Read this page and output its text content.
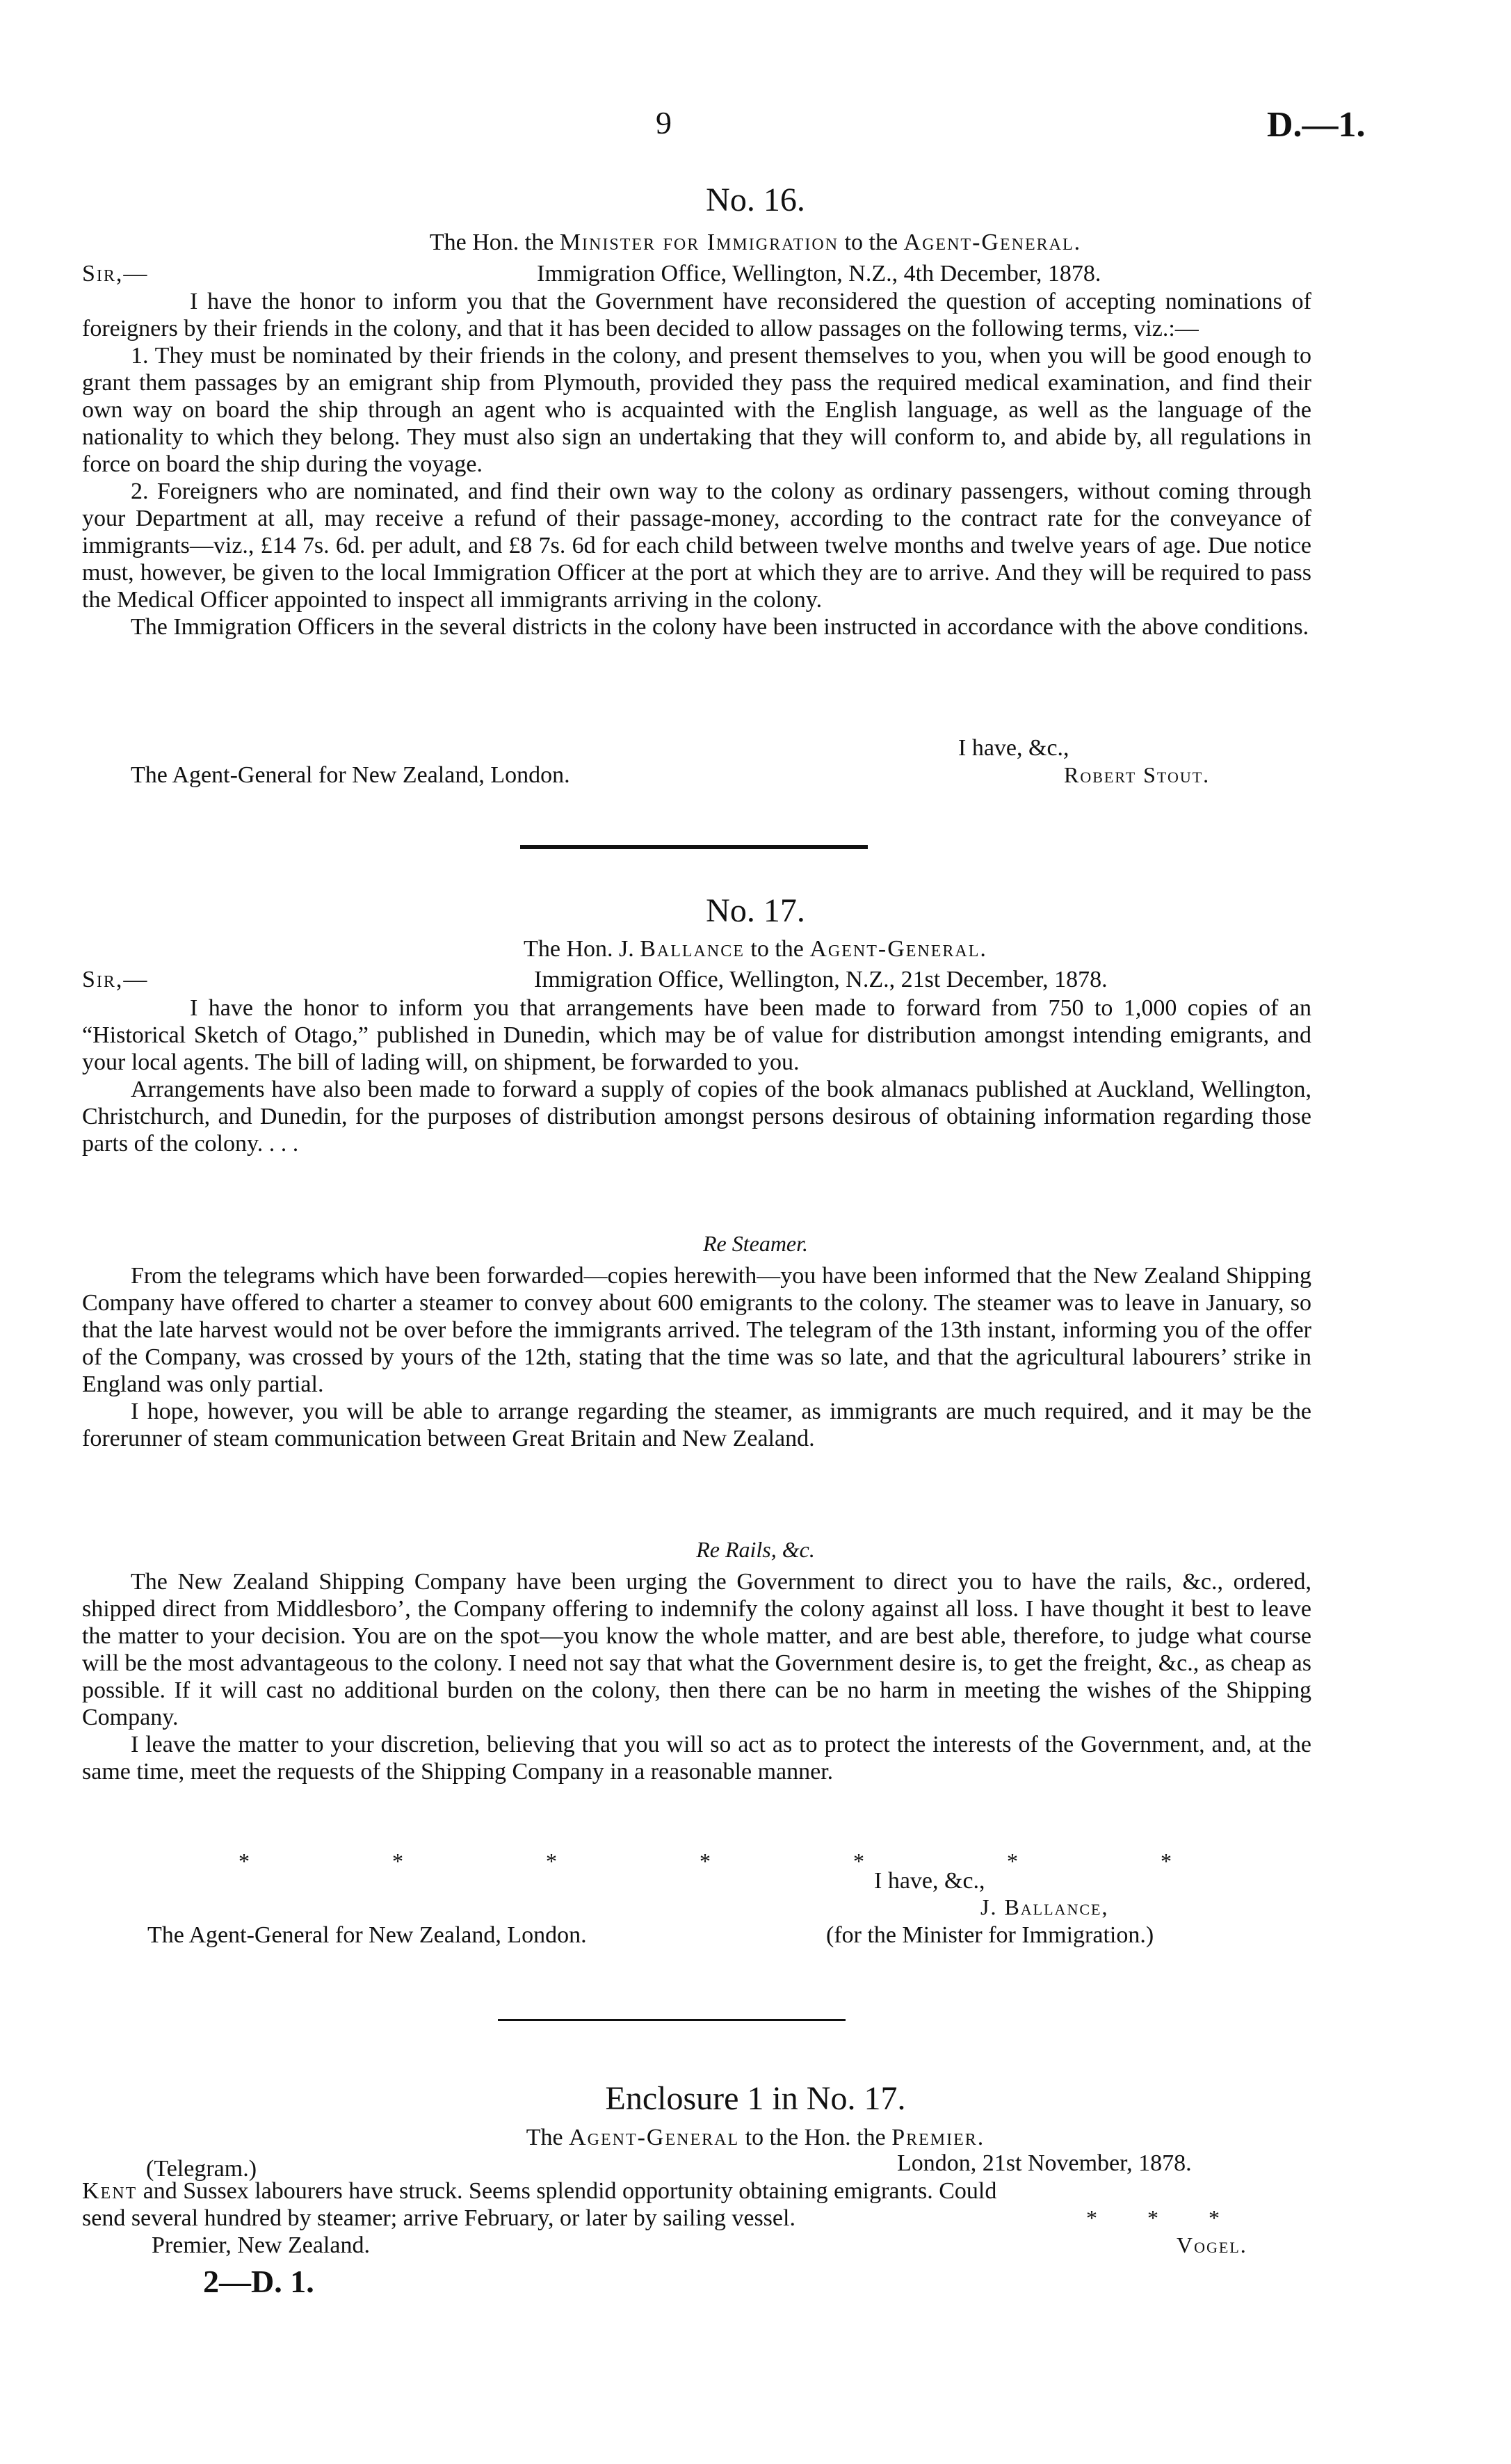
9	D.—1.
No. 16.
The Hon. the Minister for Immigration to the Agent-General.
Sir,—	Immigration Office, Wellington, N.Z., 4th December, 1878.

I have the honor to inform you that the Government have reconsidered the question of accepting nominations of foreigners by their friends in the colony, and that it has been decided to allow passages on the following terms, viz.:—

1. They must be nominated by their friends in the colony, and present themselves to you, when you will be good enough to grant them passages by an emigrant ship from Plymouth, provided they pass the required medical examination, and find their own way on board the ship through an agent who is acquainted with the English language, as well as the language of the nationality to which they belong. They must also sign an undertaking that they will conform to, and abide by, all regulations in force on board the ship during the voyage.

2. Foreigners who are nominated, and find their own way to the colony as ordinary passengers, without coming through your Department at all, may receive a refund of their passage-money, according to the contract rate for the conveyance of immigrants—viz., £14 7s. 6d. per adult, and £8 7s. 6d for each child between twelve months and twelve years of age. Due notice must, however, be given to the local Immigration Officer at the port at which they are to arrive. And they will be required to pass the Medical Officer appointed to inspect all immigrants arriving in the colony.

The Immigration Officers in the several districts in the colony have been instructed in accordance with the above conditions.

I have, &c.,
The Agent-General for New Zealand, London.	Robert Stout.
No. 17.
The Hon. J. Ballance to the Agent-General.
Sir,—	Immigration Office, Wellington, N.Z., 21st December, 1878.

I have the honor to inform you that arrangements have been made to forward from 750 to 1,000 copies of an “Historical Sketch of Otago,” published in Dunedin, which may be of value for distribution amongst intending emigrants, and your local agents. The bill of lading will, on shipment, be forwarded to you.

Arrangements have also been made to forward a supply of copies of the book almanacs published at Auckland, Wellington, Christchurch, and Dunedin, for the purposes of distribution amongst persons desirous of obtaining information regarding those parts of the colony. . . .

Re Steamer.

From the telegrams which have been forwarded—copies herewith—you have been informed that the New Zealand Shipping Company have offered to charter a steamer to convey about 600 emigrants to the colony. The steamer was to leave in January, so that the late harvest would not be over before the immigrants arrived. The telegram of the 13th instant, informing you of the offer of the Company, was crossed by yours of the 12th, stating that the time was so late, and that the agricultural labourers’ strike in England was only partial.

I hope, however, you will be able to arrange regarding the steamer, as immigrants are much required, and it may be the forerunner of steam communication between Great Britain and New Zealand.

Re Rails, &c.

The New Zealand Shipping Company have been urging the Government to direct you to have the rails, &c., ordered, shipped direct from Middlesboro’, the Company offering to indemnify the colony against all loss. I have thought it best to leave the matter to your decision. You are on the spot—you know the whole matter, and are best able, therefore, to judge what course will be the most advantageous to the colony. I need not say that what the Government desire is, to get the freight, &c., as cheap as possible. If it will cast no additional burden on the colony, then there can be no harm in meeting the wishes of the Shipping Company.

I leave the matter to your discretion, believing that you will so act as to protect the interests of the Government, and, at the same time, meet the requests of the Shipping Company in a reasonable manner.

*	*	*	*	*	*	*
I have, &c.,
J. Ballance,
The Agent-General for New Zealand, London.	(for the Minister for Immigration.)
Enclosure 1 in No. 17.
The Agent-General to the Hon. the Premier.
(Telegram.)	London, 21st November, 1878.
Kent and Sussex labourers have struck. Seems splendid opportunity obtaining emigrants. Could
send several hundred by steamer; arrive February, or later by sailing vessel.	* * *
Premier, New Zealand.	Vogel.
2—D. 1.
